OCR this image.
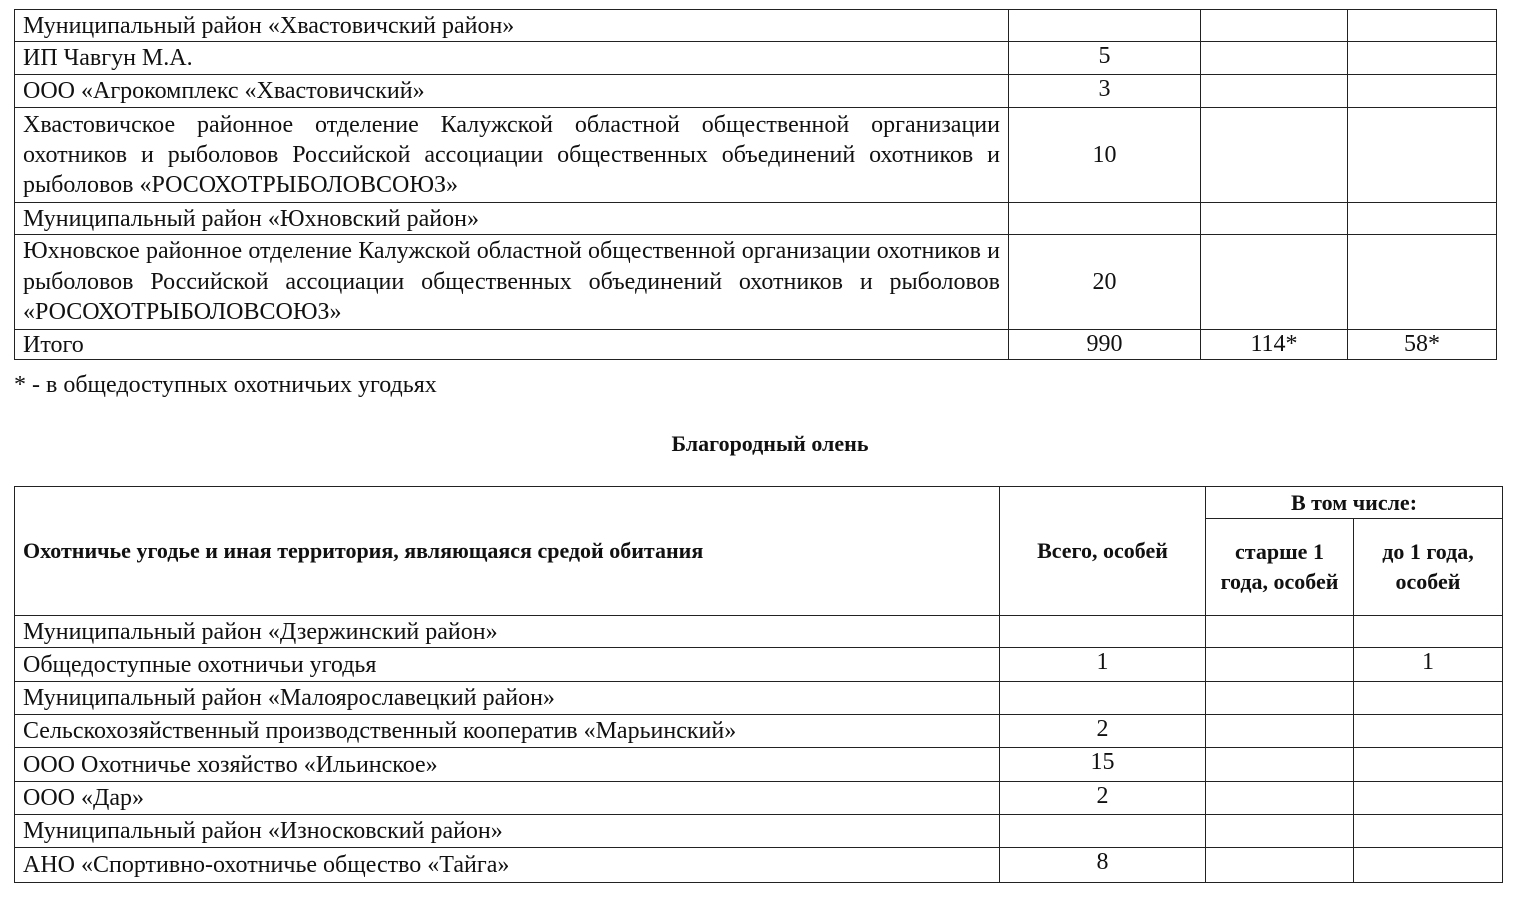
Муниципальный район «Хвастовичский район»			
ИП Чавгун М.А.	5		
ООО «Агрокомплекс «Хвастовичский»	3		
Хвастовичское районное отделение Калужской областной общественной организации охотников и рыболовов Российской ассоциации общественных объединений охотников и рыболовов «РОСОХОТРЫБОЛОВСОЮЗ»	10		
Муниципальный район «Юхновский район»			
Юхновское районное отделение Калужской областной общественной организации охотников и рыболовов Российской ассоциации общественных объединений охотников и рыболовов «РОСОХОТРЫБОЛОВСОЮЗ»	20		
Итого	990	114*	58*
* - в общедоступных охотничьих угодьях
Благородный олень
Охотничье угодье и иная территория, являющаяся средой обитания	Всего, особей	В том числе:	
		старше 1 года, особей	до 1 года, особей
Муниципальный район «Дзержинский район»			
Общедоступные охотничьи угодья	1		1
Муниципальный район «Малоярославецкий район»			
Сельскохозяйственный производственный кооператив «Марьинский»	2		
ООО Охотничье хозяйство «Ильинское»	15		
ООО «Дар»	2		
Муниципальный район «Износковский район»			
АНО «Спортивно-охотничье общество «Тайга»	8		
